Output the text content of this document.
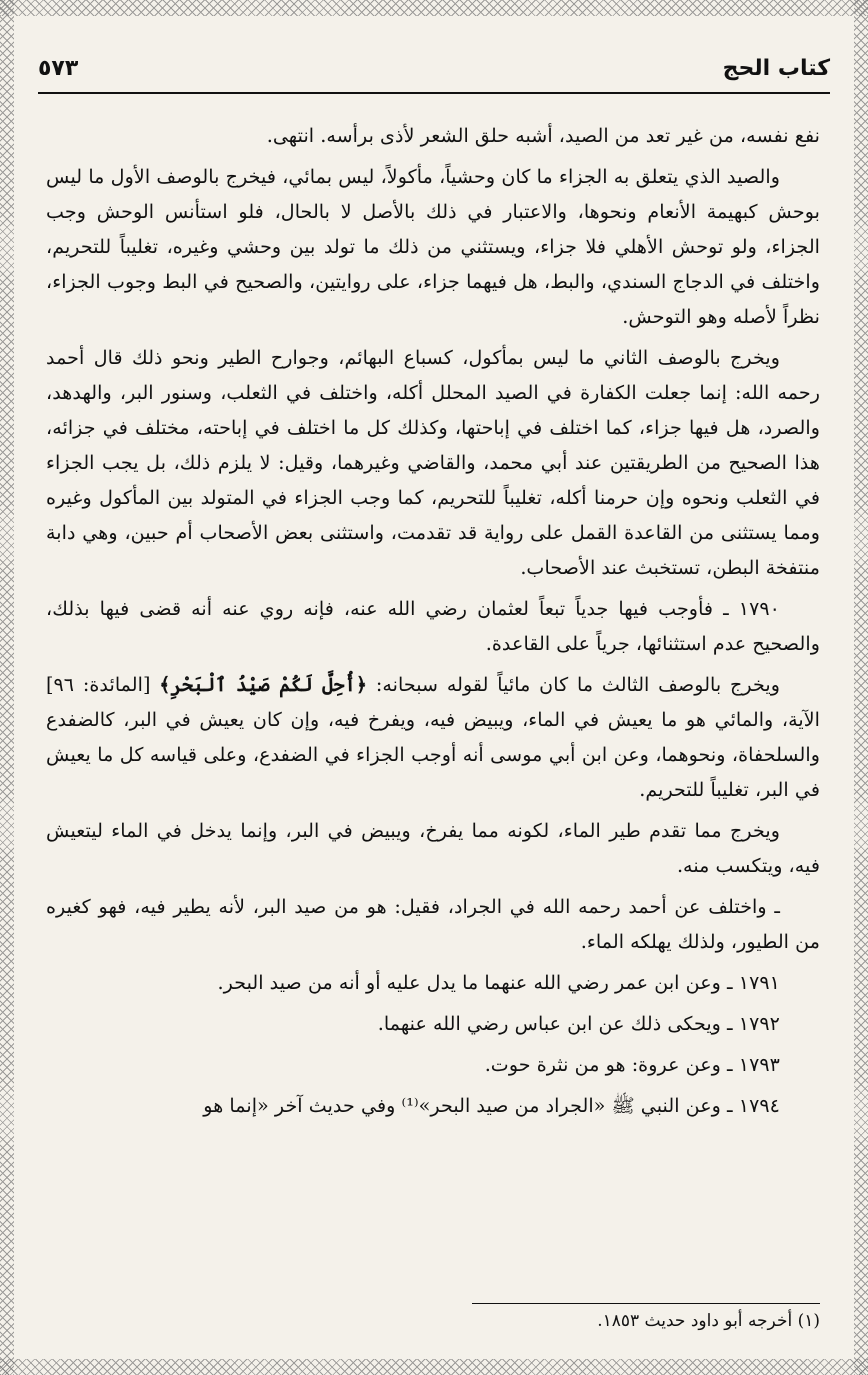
كتاب الحج
٥٧٣

نفع نفسه، من غير تعد من الصيد، أشبه حلق الشعر لأذى برأسه. انتهى.

والصيد الذي يتعلق به الجزاء ما كان وحشياً، مأكولاً، ليس بمائي، فيخرج بالوصف الأول ما ليس بوحش كبهيمة الأنعام ونحوها، والاعتبار في ذلك بالأصل لا بالحال، فلو استأنس الوحش وجب الجزاء، ولو توحش الأهلي فلا جزاء، ويستثني من ذلك ما تولد بين وحشي وغيره، تغليباً للتحريم، واختلف في الدجاج السندي، والبط، هل فيهما جزاء، على روايتين، والصحيح في البط وجوب الجزاء، نظراً لأصله وهو التوحش.

ويخرج بالوصف الثاني ما ليس بمأكول، كسباع البهائم، وجوارح الطير ونحو ذلك قال أحمد رحمه الله: إنما جعلت الكفارة في الصيد المحلل أكله، واختلف في الثعلب، وسنور البر، والهدهد، والصرد، هل فيها جزاء، كما اختلف في إباحتها، وكذلك كل ما اختلف في إباحته، مختلف في جزائه، هذا الصحيح من الطريقتين عند أبي محمد، والقاضي وغيرهما، وقيل: لا يلزم ذلك، بل يجب الجزاء في الثعلب ونحوه وإن حرمنا أكله، تغليباً للتحريم، كما وجب الجزاء في المتولد بين المأكول وغيره ومما يستثنى من القاعدة القمل على رواية قد تقدمت، واستثنى بعض الأصحاب أم حبين، وهي دابة منتفخة البطن، تستخبث عند الأصحاب.

١٧٩٠ ـ فأوجب فيها جدياً تبعاً لعثمان رضي الله عنه، فإنه روي عنه أنه قضى فيها بذلك، والصحيح عدم استثنائها، جرياً على القاعدة.

ويخرج بالوصف الثالث ما كان مائياً لقوله سبحانه: ﴿أُحِلَّ لَكُمْ صَيْدُ ٱلْبَحْرِ﴾ [المائدة: ٩٦] الآية، والمائي هو ما يعيش في الماء، ويبيض فيه، ويفرخ فيه، وإن كان يعيش في البر، كالضفدع والسلحفاة، ونحوهما، وعن ابن أبي موسى أنه أوجب الجزاء في الضفدع، وعلى قياسه كل ما يعيش في البر، تغليباً للتحريم.

ويخرج مما تقدم طير الماء، لكونه مما يفرخ، ويبيض في البر، وإنما يدخل في الماء ليتعيش فيه، ويتكسب منه.

ـ واختلف عن أحمد رحمه الله في الجراد، فقيل: هو من صيد البر، لأنه يطير فيه، فهو كغيره من الطيور، ولذلك يهلكه الماء.

١٧٩١ ـ وعن ابن عمر رضي الله عنهما ما يدل عليه أو أنه من صيد البحر.

١٧٩٢ ـ ويحكى ذلك عن ابن عباس رضي الله عنهما.

١٧٩٣ ـ وعن عروة: هو من نثرة حوت.

١٧٩٤ ـ وعن النبي ﷺ «الجراد من صيد البحر»⁽¹⁾ وفي حديث آخر «إنما هو

(١) أخرجه أبو داود حديث ١٨٥٣.
